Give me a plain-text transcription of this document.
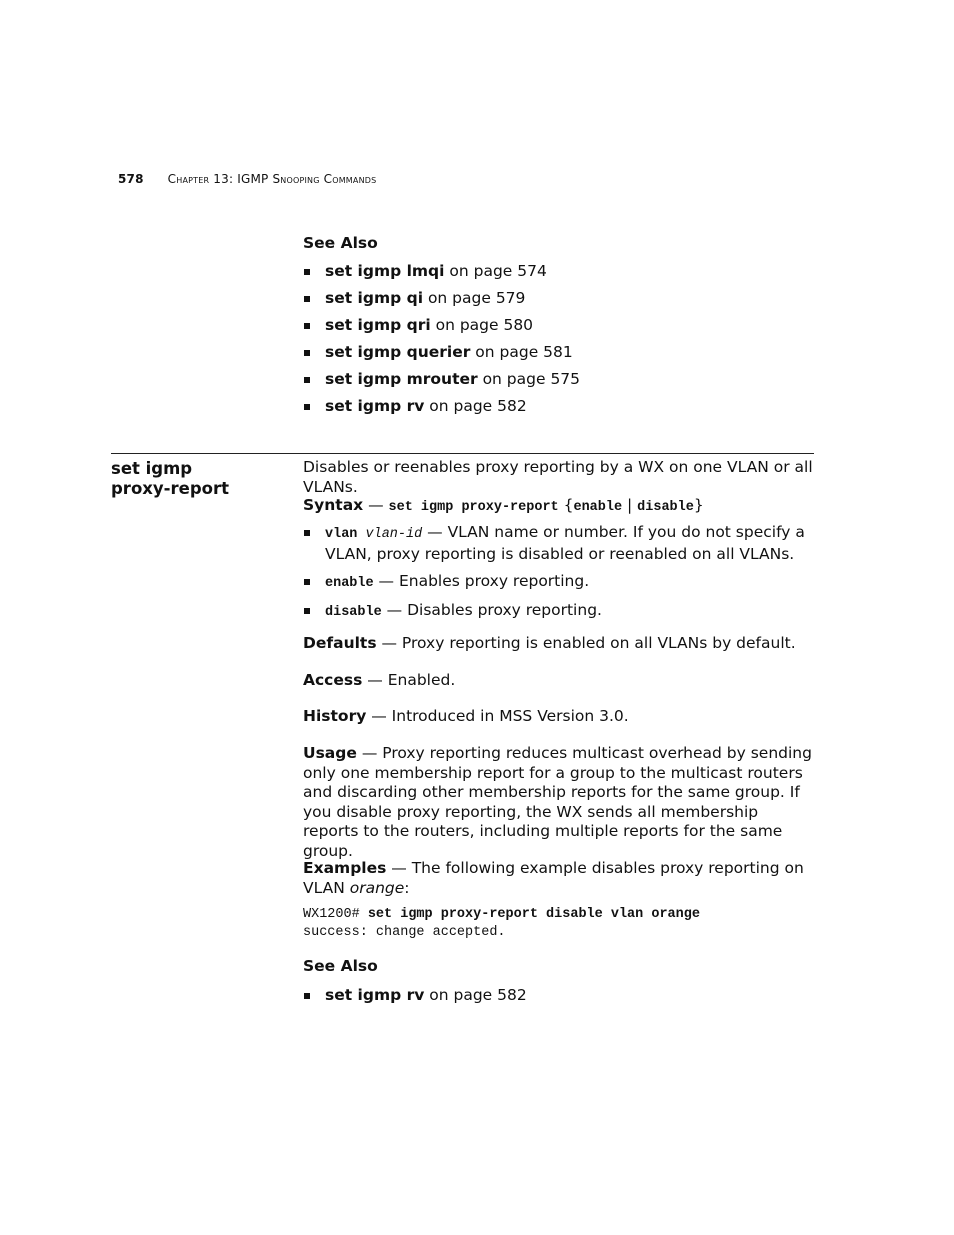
578 Chapter 13: IGMP Snooping Commands
See Also
set igmp lmqi on page 574
set igmp qi on page 579
set igmp qri on page 580
set igmp querier on page 581
set igmp mrouter on page 575
set igmp rv on page 582
set igmp
proxy-report

Disables or reenables proxy reporting by a WX on one VLAN or all VLANs.

Syntax — set igmp proxy-report {enable | disable}

vlan vlan-id — VLAN name or number. If you do not specify a VLAN, proxy reporting is disabled or reenabled on all VLANs.
enable — Enables proxy reporting.
disable — Disables proxy reporting.

Defaults — Proxy reporting is enabled on all VLANs by default.

Access — Enabled.

History — Introduced in MSS Version 3.0.

Usage — Proxy reporting reduces multicast overhead by sending only one membership report for a group to the multicast routers and discarding other membership reports for the same group. If you disable proxy reporting, the WX sends all membership reports to the routers, including multiple reports for the same group.

Examples — The following example disables proxy reporting on VLAN orange:

WX1200# set igmp proxy-report disable vlan orange
success: change accepted.
See Also
set igmp rv on page 582
